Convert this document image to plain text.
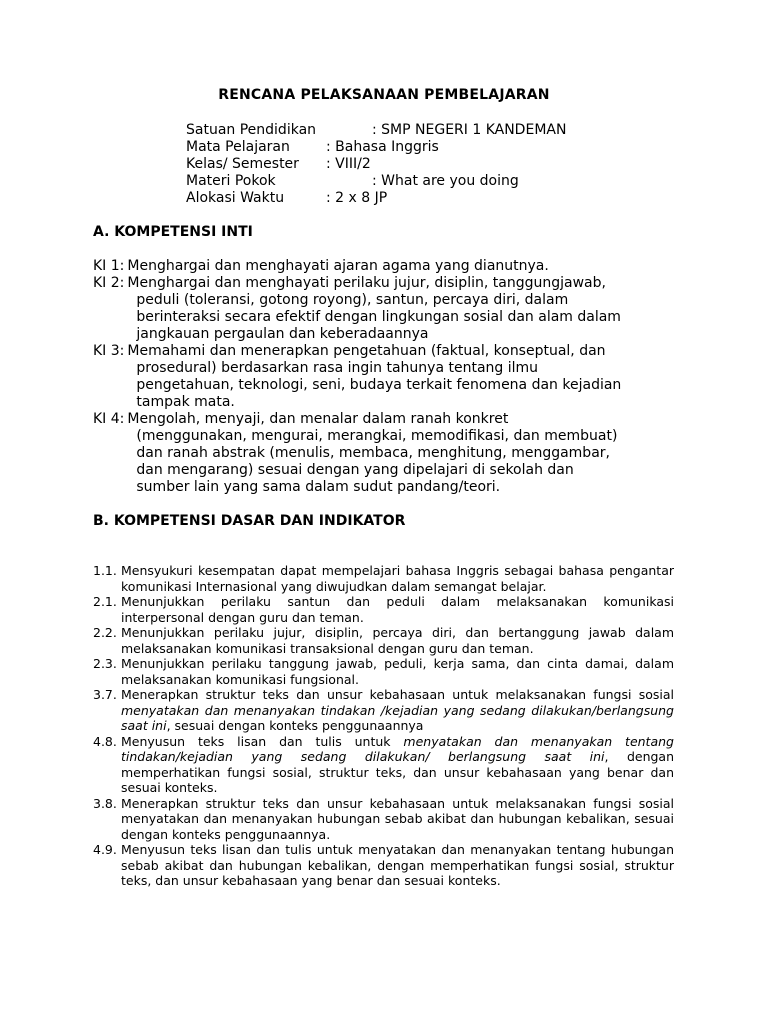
RENCANA PELAKSANAAN PEMBELAJARAN
Satuan Pendidikan	: SMP NEGERI 1 KANDEMAN
Mata Pelajaran	: Bahasa Inggris
Kelas/ Semester : VIII/2
Materi Pokok	: What are you doing
Alokasi Waktu	: 2 x 8 JP
A. KOMPETENSI INTI
KI 1: Menghargai dan menghayati ajaran agama yang dianutnya.
KI 2: Menghargai dan menghayati perilaku jujur, disiplin, tanggungjawab,
peduli (toleransi, gotong royong), santun, percaya diri, dalam
berinteraksi secara efektif dengan lingkungan sosial dan alam dalam
jangkauan pergaulan dan keberadaannya
KI 3: Memahami dan menerapkan pengetahuan (faktual, konseptual, dan
prosedural) berdasarkan rasa ingin tahunya tentang ilmu
pengetahuan, teknologi, seni, budaya terkait fenomena dan kejadian
tampak mata.
KI 4: Mengolah, menyaji, dan menalar dalam ranah konkret
(menggunakan, mengurai, merangkai, memodifikasi, dan membuat)
dan ranah abstrak (menulis, membaca, menghitung, menggambar,
dan mengarang) sesuai dengan yang dipelajari di sekolah dan
sumber lain yang sama dalam sudut pandang/teori.
B. KOMPETENSI DASAR DAN INDIKATOR
1.1. Mensyukuri kesempatan dapat mempelajari bahasa Inggris sebagai bahasa pengantar komunikasi Internasional yang diwujudkan dalam semangat belajar.
2.1. Menunjukkan perilaku santun dan peduli dalam melaksanakan komunikasi interpersonal dengan guru dan teman.
2.2. Menunjukkan perilaku jujur, disiplin, percaya diri, dan bertanggung jawab dalam melaksanakan komunikasi transaksional dengan guru dan teman.
2.3. Menunjukkan perilaku tanggung jawab, peduli, kerja sama, dan cinta damai, dalam melaksanakan komunikasi fungsional.
3.7. Menerapkan struktur teks dan unsur kebahasaan untuk melaksanakan fungsi sosial menyatakan dan menanyakan tindakan /kejadian yang sedang dilakukan/berlangsung saat ini, sesuai dengan konteks penggunaannya
4.8. Menyusun teks lisan dan tulis untuk menyatakan dan menanyakan tentang tindakan/kejadian yang sedang dilakukan/ berlangsung saat ini, dengan memperhatikan fungsi sosial, struktur teks, dan unsur kebahasaan yang benar dan sesuai konteks.
3.8. Menerapkan struktur teks dan unsur kebahasaan untuk melaksanakan fungsi sosial menyatakan dan menanyakan hubungan sebab akibat dan hubungan kebalikan, sesuai dengan konteks penggunaannya.
4.9. Menyusun teks lisan dan tulis untuk menyatakan dan menanyakan tentang hubungan sebab akibat dan hubungan kebalikan, dengan memperhatikan fungsi sosial, struktur teks, dan unsur kebahasaan yang benar dan sesuai konteks.
